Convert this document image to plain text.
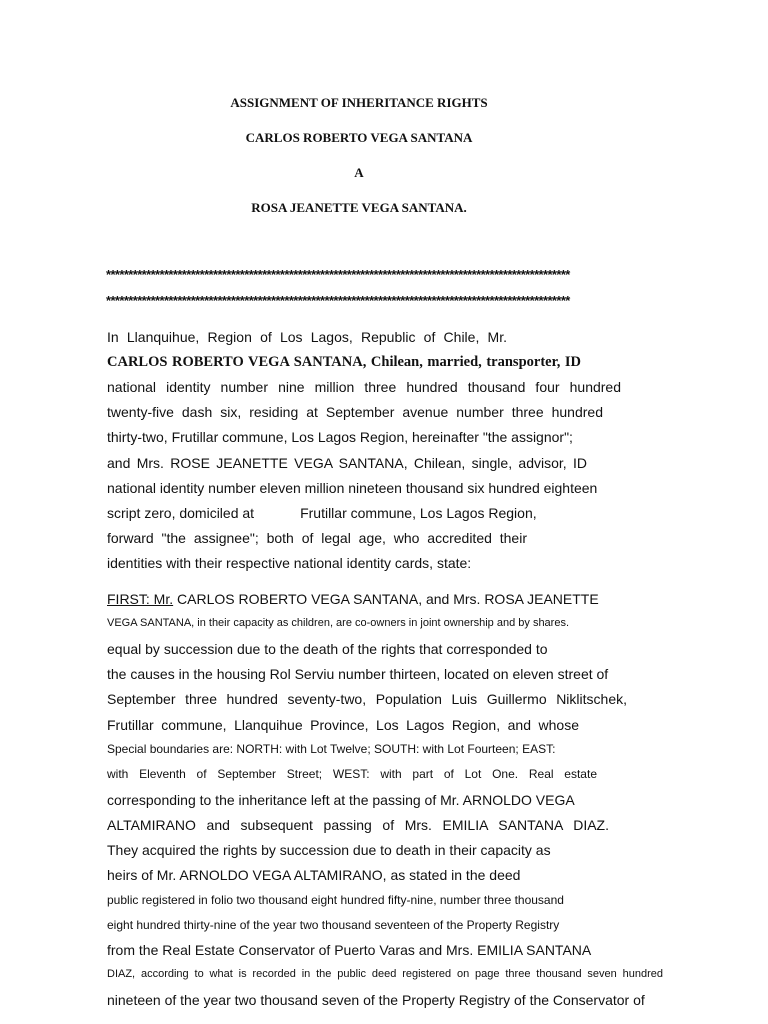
ASSIGNMENT OF INHERITANCE RIGHTS
CARLOS ROBERTO VEGA SANTANA
A
ROSA JEANETTE VEGA SANTANA.
********************************************************************************************************
********************************************************************************************************
In Llanquihue, Region of Los Lagos, Republic of Chile, Mr.
CARLOS ROBERTO VEGA SANTANA, Chilean, married, transporter, ID
national identity number nine million three hundred thousand four hundred
twenty-five dash six, residing at September avenue number three hundred
thirty-two, Frutillar commune, Los Lagos Region, hereinafter "the assignor";
and Mrs. ROSE JEANETTE VEGA SANTANA, Chilean, single, advisor, ID
national identity number eleven million nineteen thousand six hundred eighteen
script zero, domiciled at	Frutillar commune, Los Lagos Region,
forward "the assignee"; both of legal age, who accredited their
identities with their respective national identity cards, state:
FIRST: Mr. CARLOS ROBERTO VEGA SANTANA, and Mrs. ROSA JEANETTE
VEGA SANTANA, in their capacity as children, are co-owners in joint ownership and by shares.
equal by succession due to the death of the rights that corresponded to
the causes in the housing Rol Serviu number thirteen, located on eleven street of
September three hundred seventy-two, Population Luis Guillermo Niklitschek,
Frutillar commune, Llanquihue Province, Los Lagos Region, and whose
Special boundaries are: NORTH: with Lot Twelve; SOUTH: with Lot Fourteen; EAST:
with Eleventh of September Street; WEST: with part of Lot One. Real estate
corresponding to the inheritance left at the passing of Mr. ARNOLDO VEGA
ALTAMIRANO and subsequent passing of Mrs. EMILIA SANTANA DIAZ.
They acquired the rights by succession due to death in their capacity as
heirs of Mr. ARNOLDO VEGA ALTAMIRANO, as stated in the deed
public registered in folio two thousand eight hundred fifty-nine, number three thousand
eight hundred thirty-nine of the year two thousand seventeen of the Property Registry
from the Real Estate Conservator of Puerto Varas and Mrs. EMILIA SANTANA
DIAZ, according to what is recorded in the public deed registered on page three thousand seven hundred
nineteen of the year two thousand seven of the Property Registry of the Conservator of
